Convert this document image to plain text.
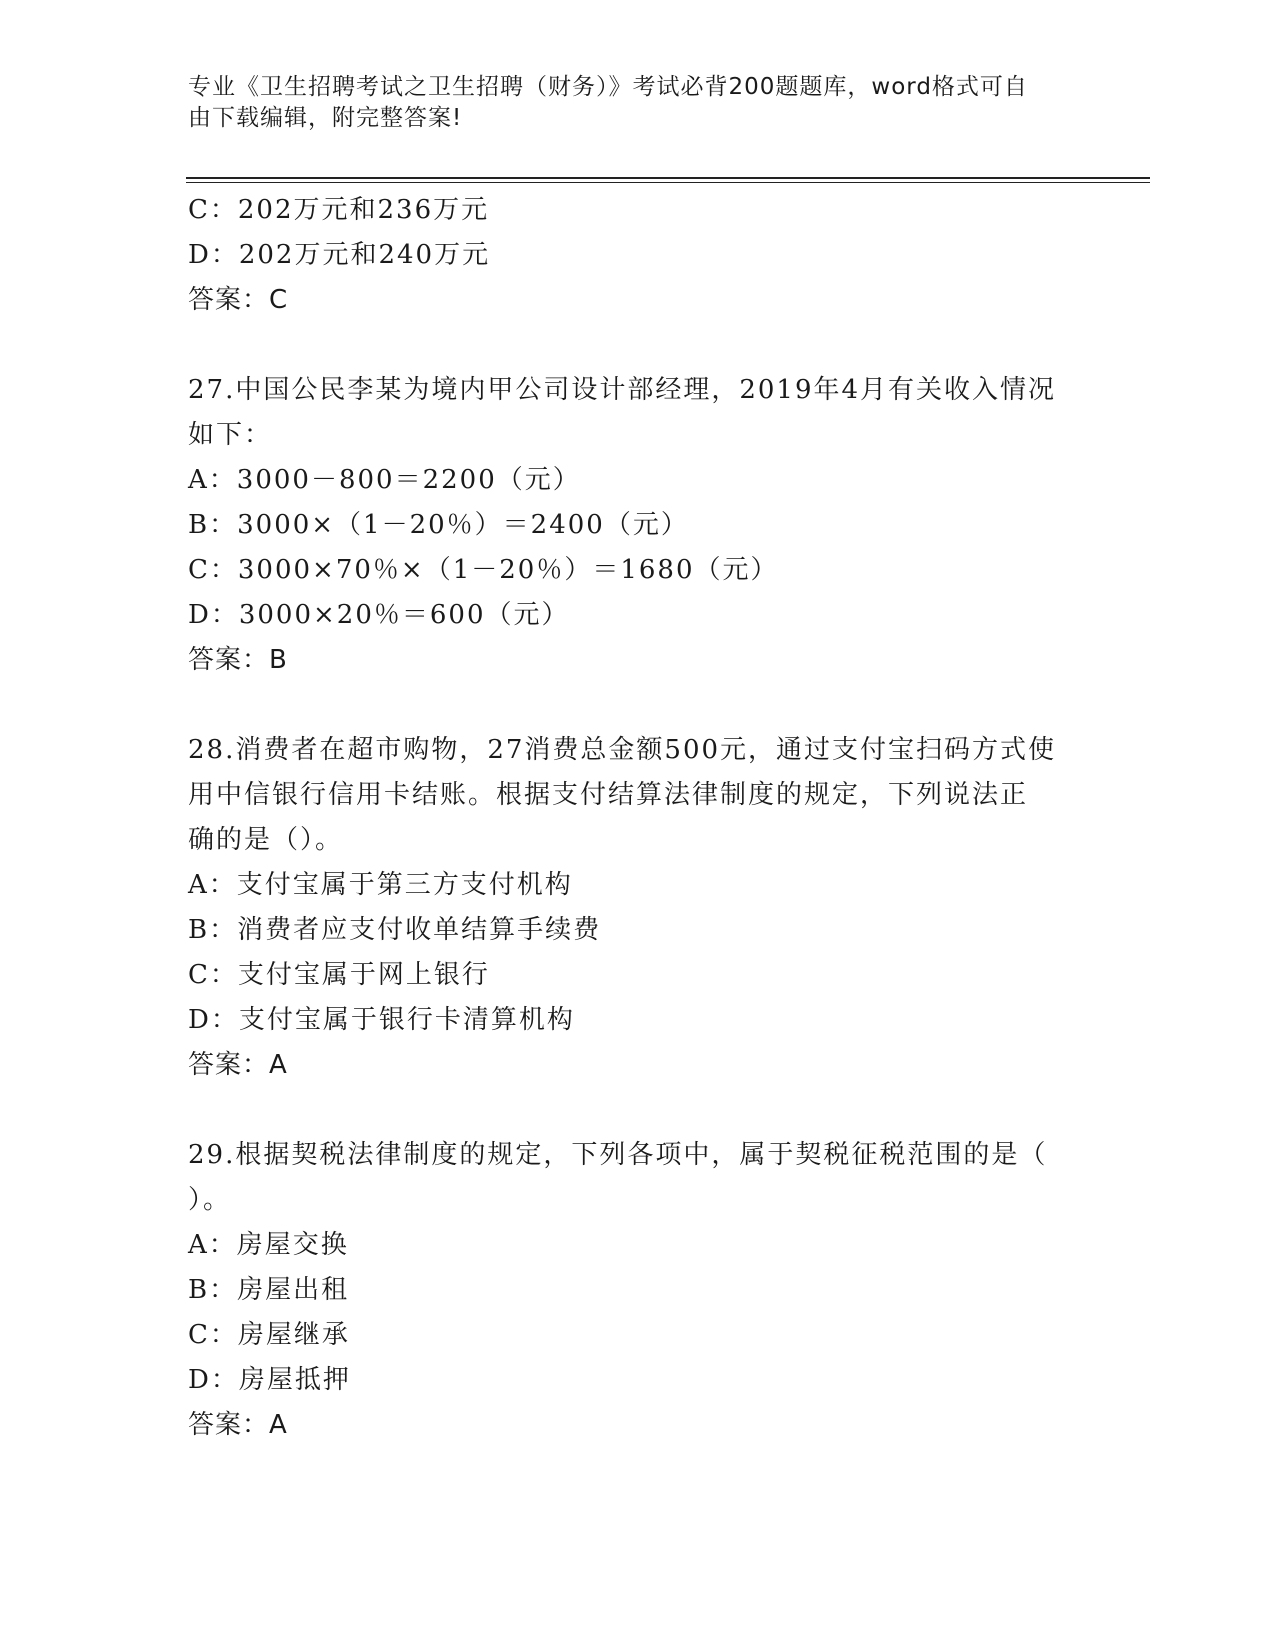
专业《卫生招聘考试之卫生招聘（财务）》考试必背200题题库，word格式可自
由下载编辑，附完整答案!
C：202万元和236万元
D：202万元和240万元
答案：C
27.中国公民李某为境内甲公司设计部经理，2019年4月有关收入情况
如下：
A：3000－800＝2200（元）
B：3000×（1－20％）＝2400（元）
C：3000×70％×（1－20％）＝1680（元）
D：3000×20％＝600（元）
答案：B
28.消费者在超市购物，27消费总金额500元，通过支付宝扫码方式使
用中信银行信用卡结账。根据支付结算法律制度的规定，下列说法正
确的是（）。
A：支付宝属于第三方支付机构
B：消费者应支付收单结算手续费
C：支付宝属于网上银行
D：支付宝属于银行卡清算机构
答案：A
29.根据契税法律制度的规定，下列各项中，属于契税征税范围的是（
）。
A：房屋交换
B：房屋出租
C：房屋继承
D：房屋抵押
答案：A
